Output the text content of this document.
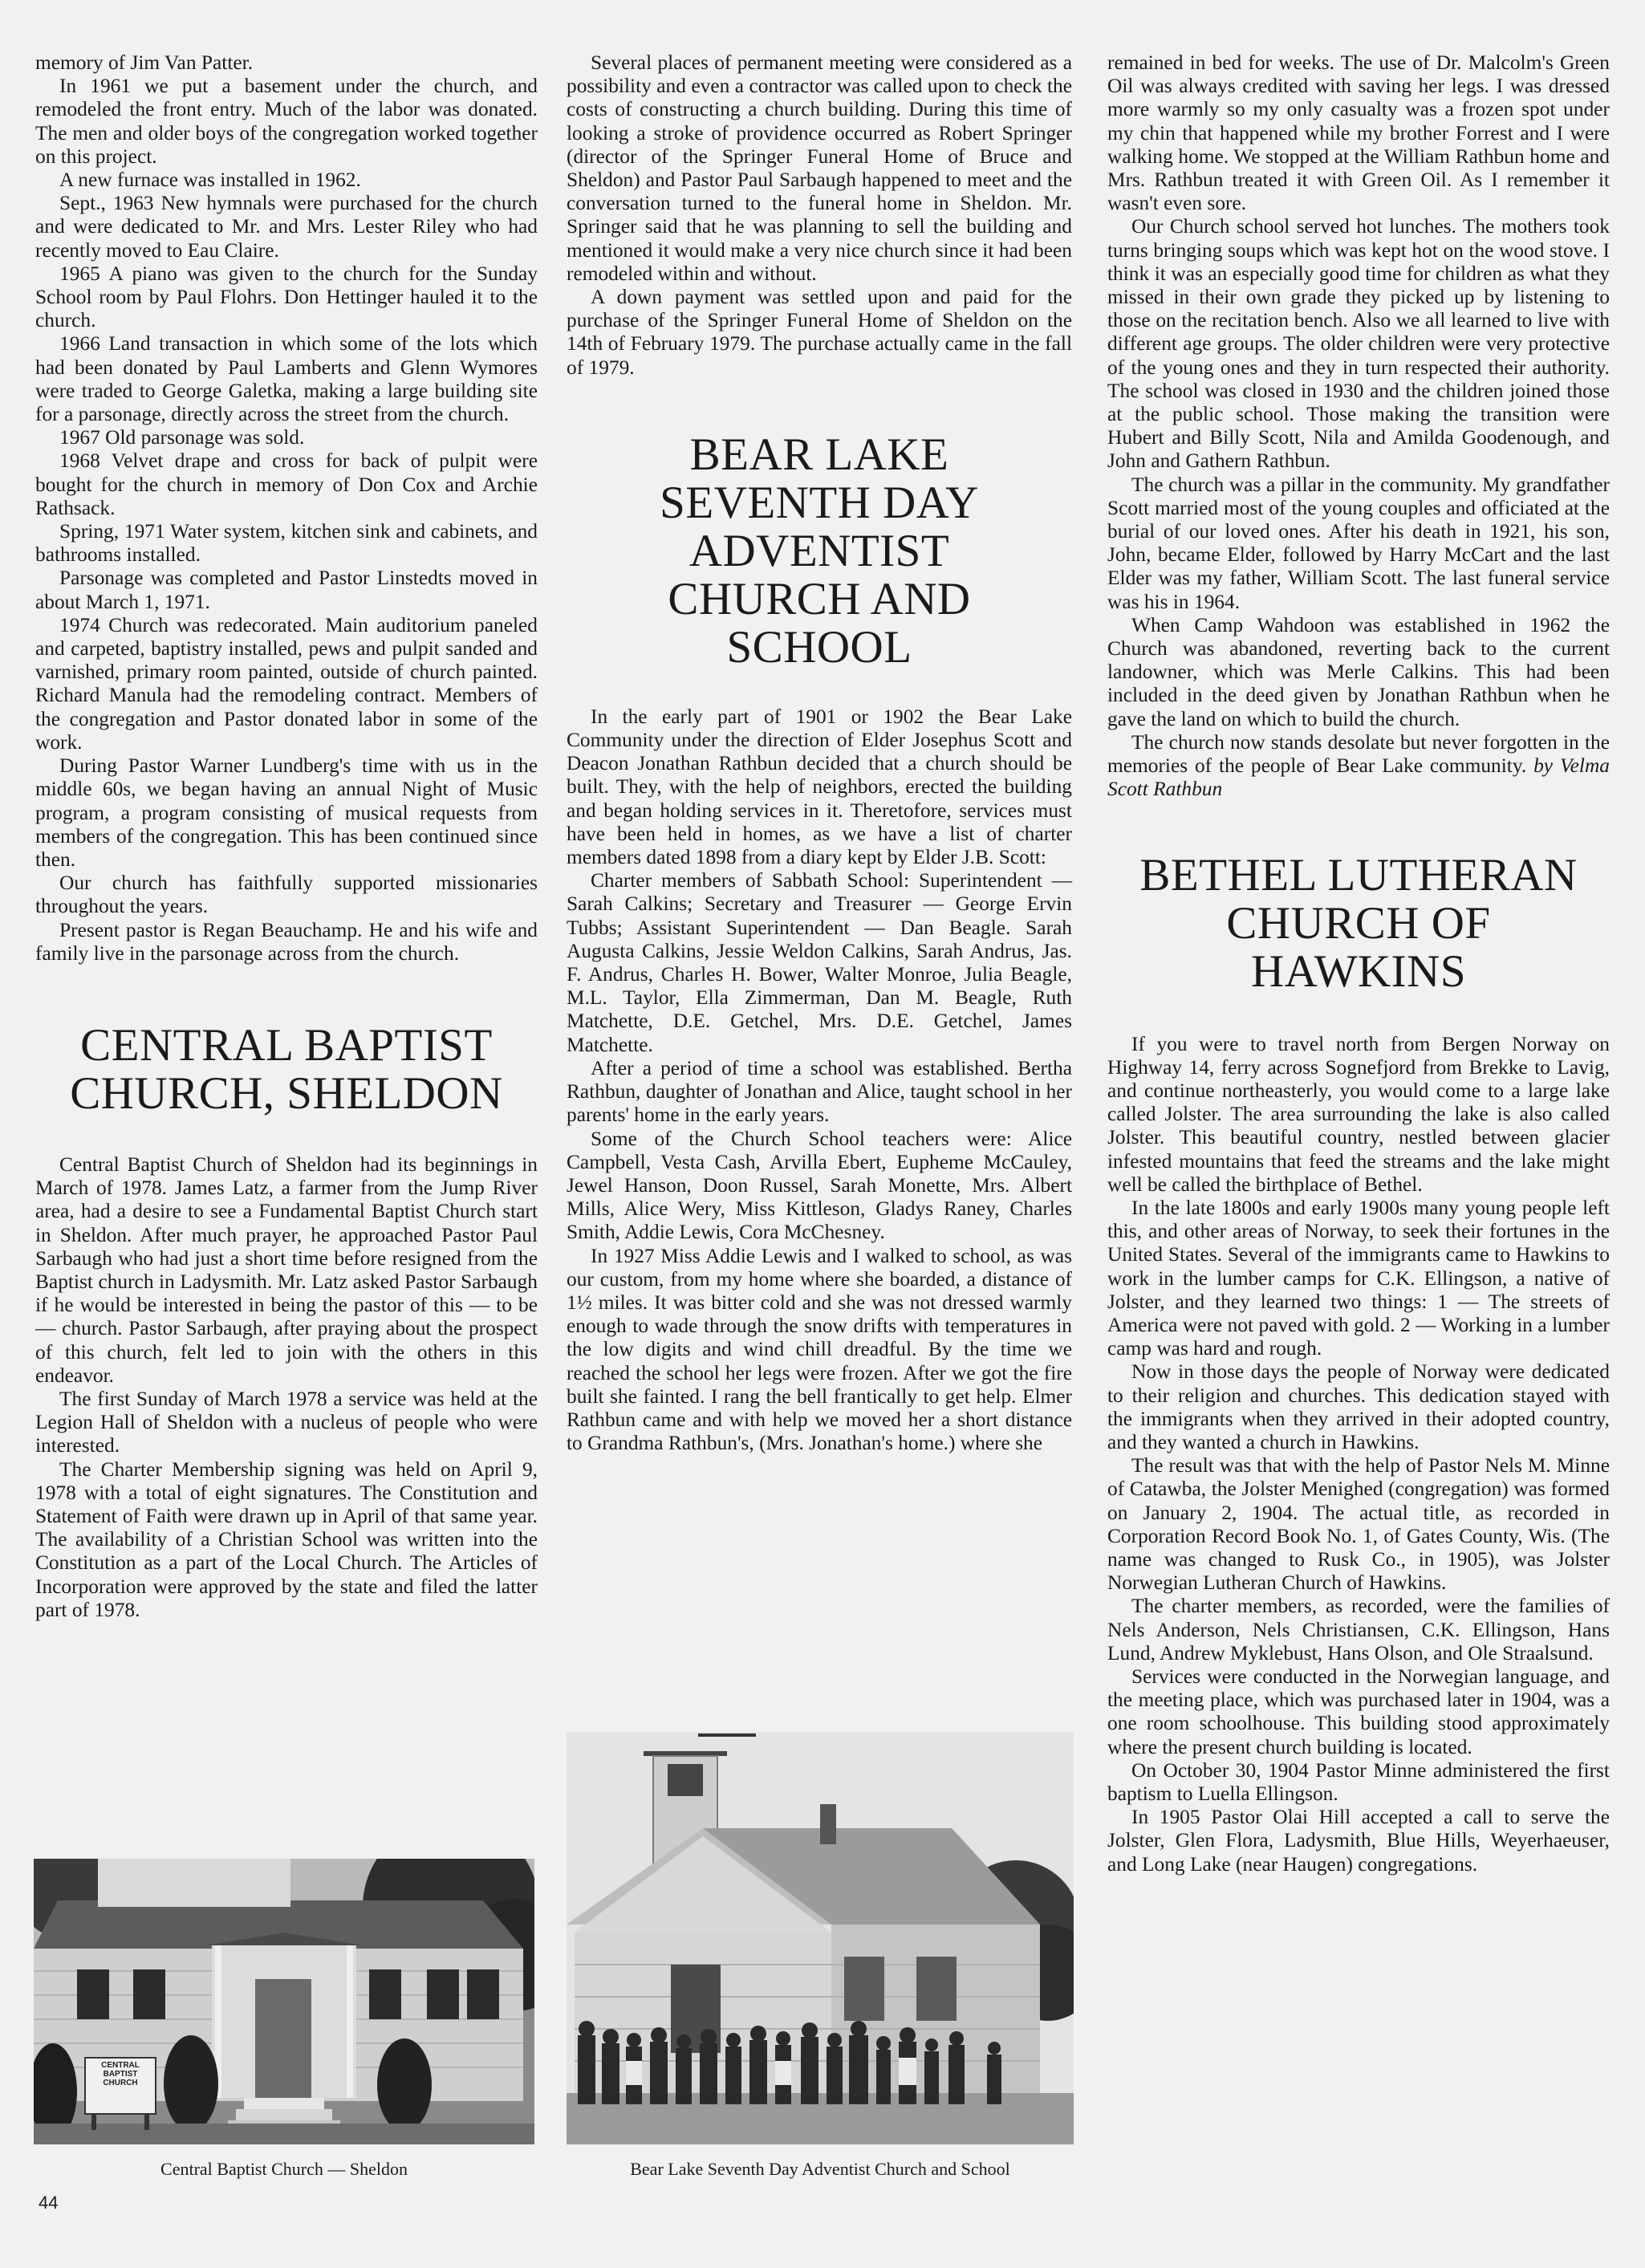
memory of Jim Van Patter.

In 1961 we put a basement under the church, and remodeled the front entry. Much of the labor was donated. The men and older boys of the congregation worked together on this project.

A new furnace was installed in 1962.

Sept., 1963 New hymnals were purchased for the church and were dedicated to Mr. and Mrs. Lester Riley who had recently moved to Eau Claire.

1965 A piano was given to the church for the Sunday School room by Paul Flohrs. Don Hettinger hauled it to the church.

1966 Land transaction in which some of the lots which had been donated by Paul Lamberts and Glenn Wymores were traded to George Galetka, making a large building site for a parsonage, directly across the street from the church.

1967 Old parsonage was sold.

1968 Velvet drape and cross for back of pulpit were bought for the church in memory of Don Cox and Archie Rathsack.

Spring, 1971 Water system, kitchen sink and cabinets, and bathrooms installed.

Parsonage was completed and Pastor Linstedts moved in about March 1, 1971.

1974 Church was redecorated. Main auditorium paneled and carpeted, baptistry installed, pews and pulpit sanded and varnished, primary room painted, outside of church painted. Richard Manula had the remodeling contract. Members of the congregation and Pastor donated labor in some of the work.

During Pastor Warner Lundberg's time with us in the middle 60s, we began having an annual Night of Music program, a program consisting of musical requests from members of the congregation. This has been continued since then.

Our church has faithfully supported missionaries throughout the years.

Present pastor is Regan Beauchamp. He and his wife and family live in the parsonage across from the church.

CENTRAL BAPTIST
CHURCH, SHELDON

Central Baptist Church of Sheldon had its beginnings in March of 1978. James Latz, a farmer from the Jump River area, had a desire to see a Fundamental Baptist Church start in Sheldon. After much prayer, he approached Pastor Paul Sarbaugh who had just a short time before resigned from the Baptist church in Ladysmith. Mr. Latz asked Pastor Sarbaugh if he would be interested in being the pastor of this — to be — church. Pastor Sarbaugh, after praying about the prospect of this church, felt led to join with the others in this endeavor.

The first Sunday of March 1978 a service was held at the Legion Hall of Sheldon with a nucleus of people who were interested.

The Charter Membership signing was held on April 9, 1978 with a total of eight signatures. The Constitution and Statement of Faith were drawn up in April of that same year. The availability of a Christian School was written into the Constitution as a part of the Local Church. The Articles of Incorporation were approved by the state and filed the latter part of 1978.

Several places of permanent meeting were considered as a possibility and even a contractor was called upon to check the costs of constructing a church building. During this time of looking a stroke of providence occurred as Robert Springer (director of the Springer Funeral Home of Bruce and Sheldon) and Pastor Paul Sarbaugh happened to meet and the conversation turned to the funeral home in Sheldon. Mr. Springer said that he was planning to sell the building and mentioned it would make a very nice church since it had been remodeled within and without.

A down payment was settled upon and paid for the purchase of the Springer Funeral Home of Sheldon on the 14th of February 1979. The purchase actually came in the fall of 1979.

BEAR LAKE
SEVENTH DAY
ADVENTIST
CHURCH AND
SCHOOL

In the early part of 1901 or 1902 the Bear Lake Community under the direction of Elder Josephus Scott and Deacon Jonathan Rathbun decided that a church should be built. They, with the help of neighbors, erected the building and began holding services in it. Theretofore, services must have been held in homes, as we have a list of charter members dated 1898 from a diary kept by Elder J.B. Scott:

Charter members of Sabbath School: Superintendent — Sarah Calkins; Secretary and Treasurer — George Ervin Tubbs; Assistant Superintendent — Dan Beagle. Sarah Augusta Calkins, Jessie Weldon Calkins, Sarah Andrus, Jas. F. Andrus, Charles H. Bower, Walter Monroe, Julia Beagle, M.L. Taylor, Ella Zimmerman, Dan M. Beagle, Ruth Matchette, D.E. Getchel, Mrs. D.E. Getchel, James Matchette.

After a period of time a school was established. Bertha Rathbun, daughter of Jonathan and Alice, taught school in her parents' home in the early years.

Some of the Church School teachers were: Alice Campbell, Vesta Cash, Arvilla Ebert, Eupheme McCauley, Jewel Hanson, Doon Russel, Sarah Monette, Mrs. Albert Mills, Alice Wery, Miss Kittleson, Gladys Raney, Charles Smith, Addie Lewis, Cora McChesney.

In 1927 Miss Addie Lewis and I walked to school, as was our custom, from my home where she boarded, a distance of 1½ miles. It was bitter cold and she was not dressed warmly enough to wade through the snow drifts with temperatures in the low digits and wind chill dreadful. By the time we reached the school her legs were frozen. After we got the fire built she fainted. I rang the bell frantically to get help. Elmer Rathbun came and with help we moved her a short distance to Grandma Rathbun's, (Mrs. Jonathan's home.) where she

remained in bed for weeks. The use of Dr. Malcolm's Green Oil was always credited with saving her legs. I was dressed more warmly so my only casualty was a frozen spot under my chin that happened while my brother Forrest and I were walking home. We stopped at the William Rathbun home and Mrs. Rathbun treated it with Green Oil. As I remember it wasn't even sore.

Our Church school served hot lunches. The mothers took turns bringing soups which was kept hot on the wood stove. I think it was an especially good time for children as what they missed in their own grade they picked up by listening to those on the recitation bench. Also we all learned to live with different age groups. The older children were very protective of the young ones and they in turn respected their authority. The school was closed in 1930 and the children joined those at the public school. Those making the transition were Hubert and Billy Scott, Nila and Amilda Goodenough, and John and Gathern Rathbun.

The church was a pillar in the community. My grandfather Scott married most of the young couples and officiated at the burial of our loved ones. After his death in 1921, his son, John, became Elder, followed by Harry McCart and the last Elder was my father, William Scott. The last funeral service was his in 1964.

When Camp Wahdoon was established in 1962 the Church was abandoned, reverting back to the current landowner, which was Merle Calkins. This had been included in the deed given by Jonathan Rathbun when he gave the land on which to build the church.

The church now stands desolate but never forgotten in the memories of the people of Bear Lake community. by Velma Scott Rathbun

BETHEL LUTHERAN
CHURCH OF
HAWKINS

If you were to travel north from Bergen Norway on Highway 14, ferry across Sognefjord from Brekke to Lavig, and continue northeasterly, you would come to a large lake called Jolster. The area surrounding the lake is also called Jolster. This beautiful country, nestled between glacier infested mountains that feed the streams and the lake might well be called the birthplace of Bethel.

In the late 1800s and early 1900s many young people left this, and other areas of Norway, to seek their fortunes in the United States. Several of the immigrants came to Hawkins to work in the lumber camps for C.K. Ellingson, a native of Jolster, and they learned two things: 1 — The streets of America were not paved with gold. 2 — Working in a lumber camp was hard and rough.

Now in those days the people of Norway were dedicated to their religion and churches. This dedication stayed with the immigrants when they arrived in their adopted country, and they wanted a church in Hawkins.

The result was that with the help of Pastor Nels M. Minne of Catawba, the Jolster Menighed (congregation) was formed on January 2, 1904. The actual title, as recorded in Corporation Record Book No. 1, of Gates County, Wis. (The name was changed to Rusk Co., in 1905), was Jolster Norwegian Lutheran Church of Hawkins.

The charter members, as recorded, were the families of Nels Anderson, Nels Christiansen, C.K. Ellingson, Hans Lund, Andrew Myklebust, Hans Olson, and Ole Straalsund.

Services were conducted in the Norwegian language, and the meeting place, which was purchased later in 1904, was a one room schoolhouse. This building stood approximately where the present church building is located.

On October 30, 1904 Pastor Minne administered the first baptism to Luella Ellingson.

In 1905 Pastor Olai Hill accepted a call to serve the Jolster, Glen Flora, Ladysmith, Blue Hills, Weyerhaeuser, and Long Lake (near Haugen) congregations.

CENTRAL
BAPTIST
CHURCH

Central Baptist Church — Sheldon	Bear Lake Seventh Day Adventist Church and School

44
